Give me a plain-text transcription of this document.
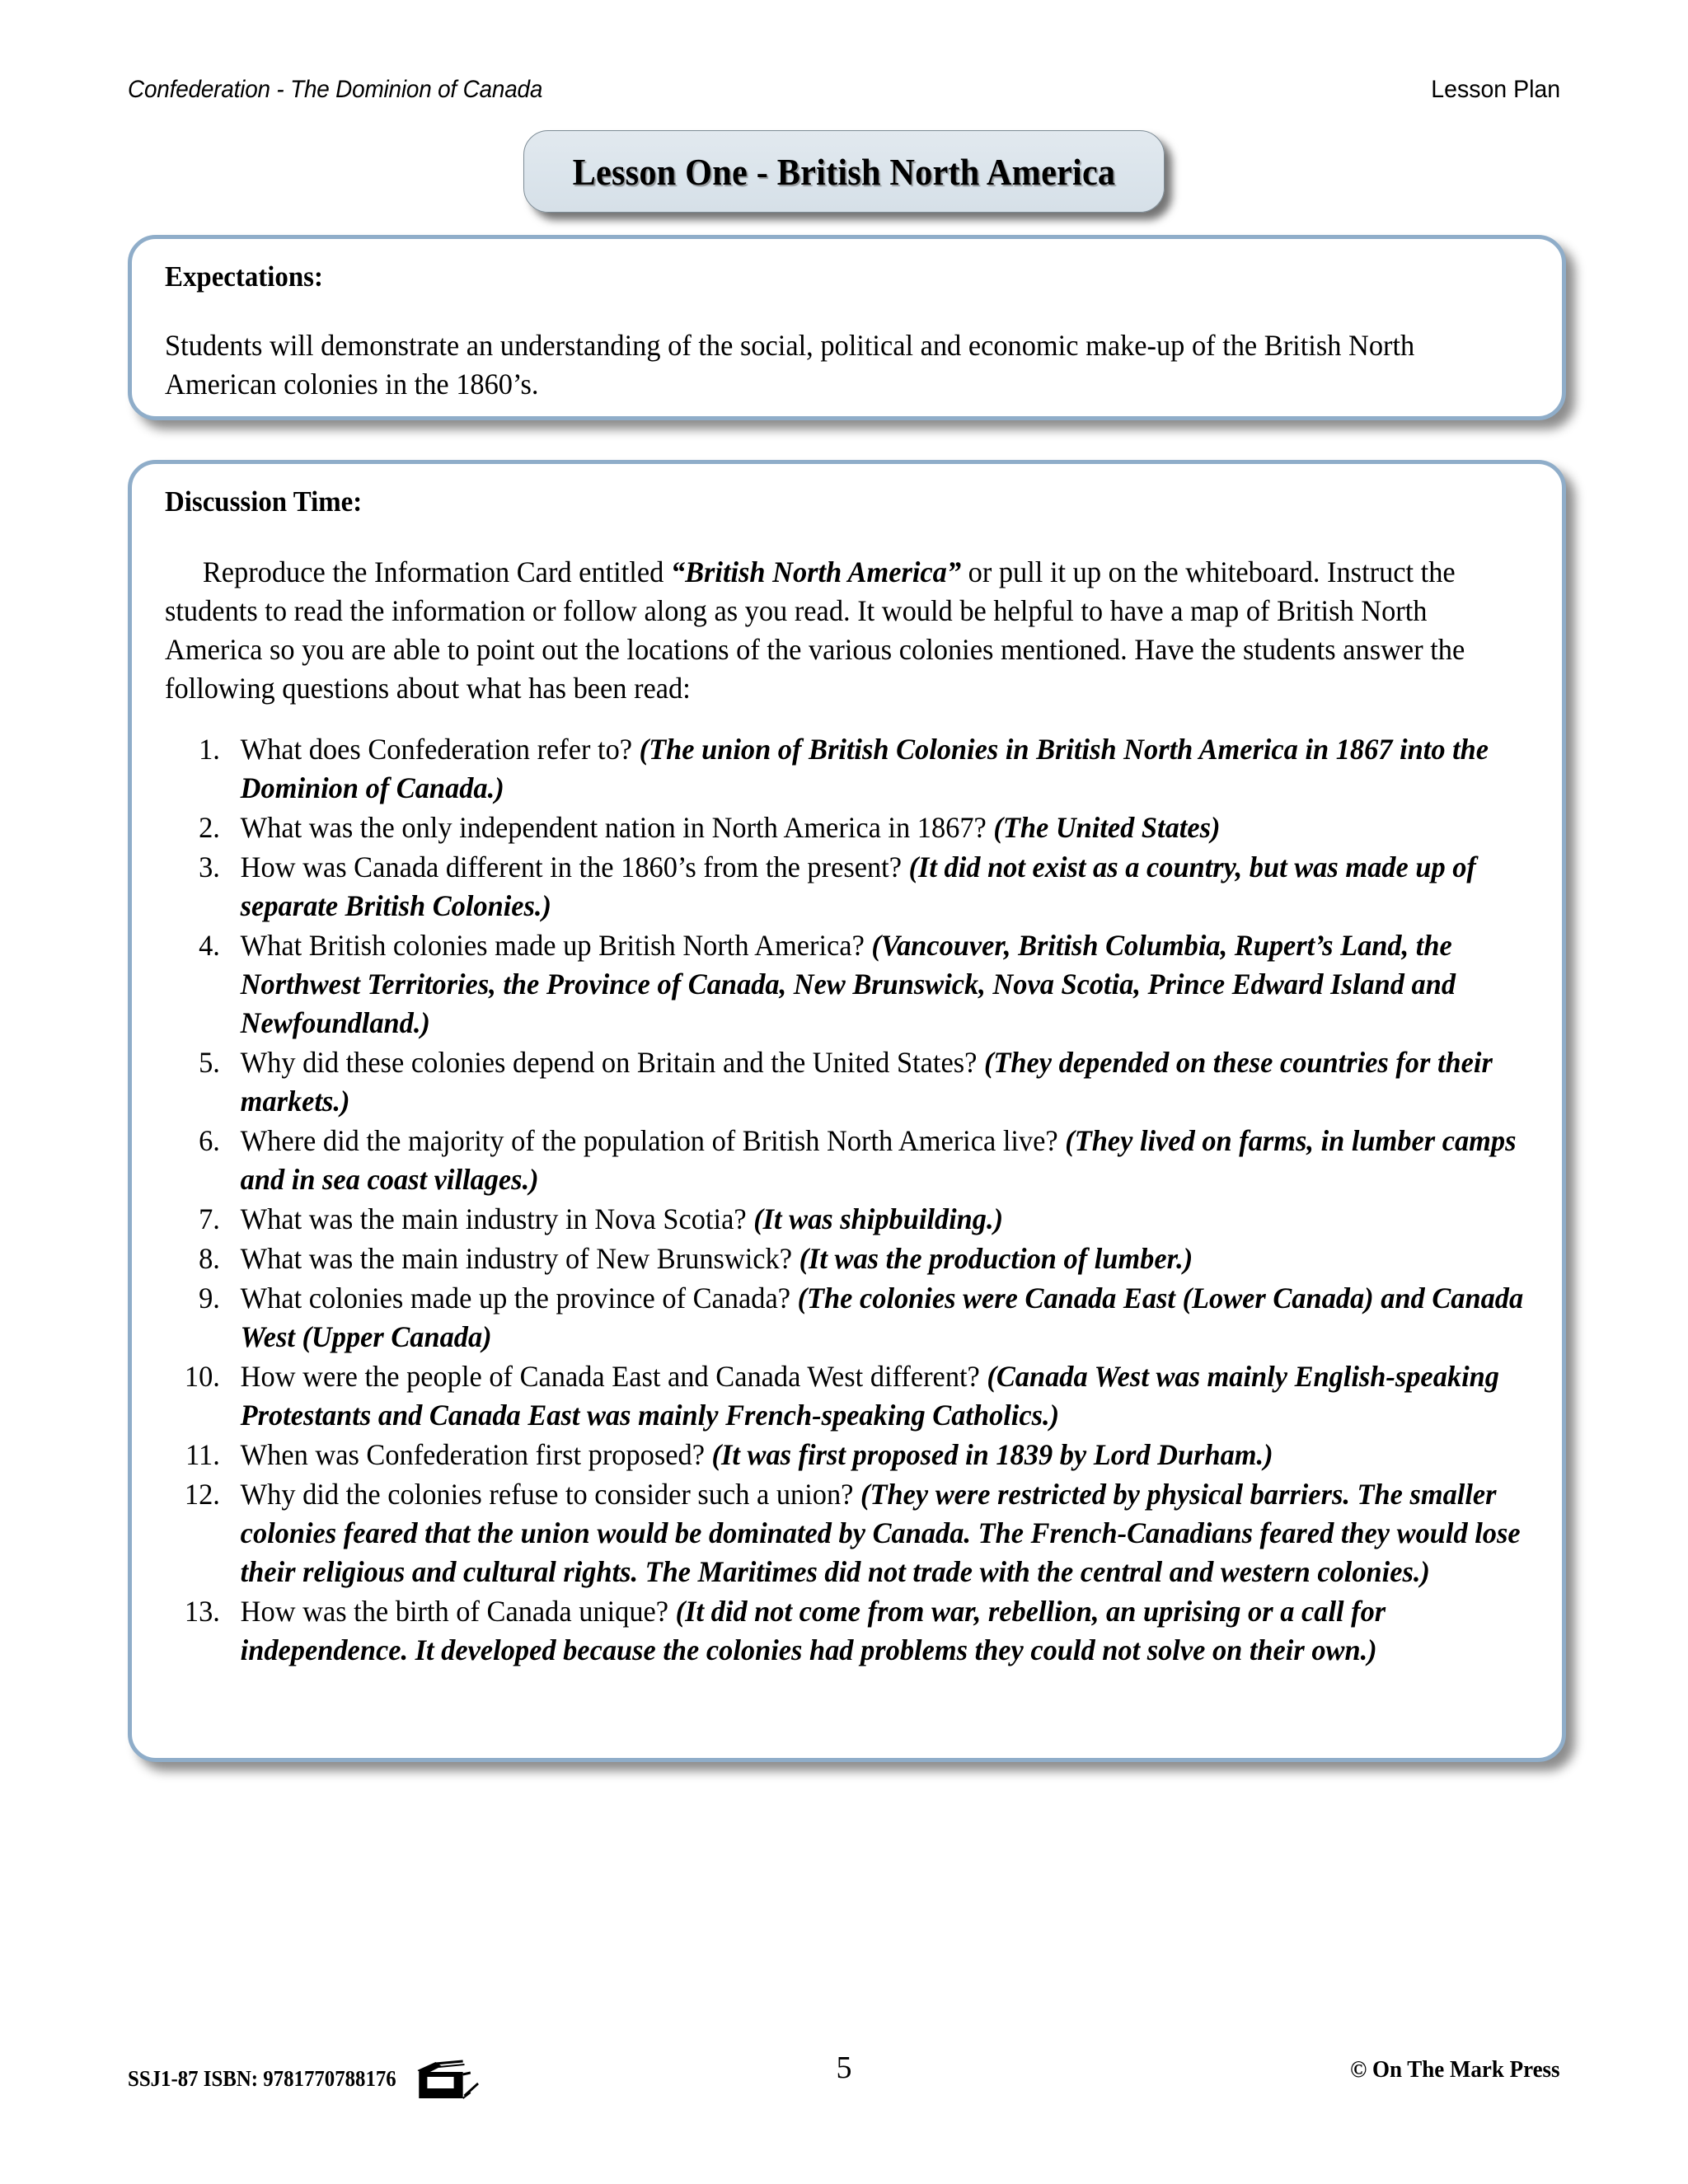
Confederation - The Dominion of Canada	Lesson Plan
Lesson One - British North America
Expectations:

Students will demonstrate an understanding of the social, political and economic make-up of the British North American colonies in the 1860’s.

Discussion Time:

Reproduce the Information Card entitled “British North America” or pull it up on the whiteboard. Instruct the students to read the information or follow along as you read. It would be helpful to have a map of British North America so you are able to point out the locations of the various colonies mentioned. Have the students answer the following questions about what has been read:

What does Confederation refer to? (The union of British Colonies in British North America in 1867 into the Dominion of Canada.)
What was the only independent nation in North America in 1867? (The United States)
How was Canada different in the 1860’s from the present? (It did not exist as a country, but was made up of separate British Colonies.)
What British colonies made up British North America? (Vancouver, British Columbia, Rupert’s Land, the Northwest Territories, the Province of Canada, New Brunswick, Nova Scotia, Prince Edward Island and Newfoundland.)
Why did these colonies depend on Britain and the United States? (They depended on these countries for their markets.)
Where did the majority of the population of British North America live? (They lived on farms, in lumber camps and in sea coast villages.)
What was the main industry in Nova Scotia? (It was shipbuilding.)
What was the main industry of New Brunswick? (It was the production of lumber.)
What colonies made up the province of Canada? (The colonies were Canada East (Lower Canada) and Canada West (Upper Canada)
How were the people of Canada East and Canada West different? (Canada West was mainly English-speaking Protestants and Canada East was mainly French-speaking Catholics.)
When was Confederation first proposed? (It was first proposed in 1839 by Lord Durham.)
Why did the colonies refuse to consider such a union? (They were restricted by physical barriers. The smaller colonies feared that the union would be dominated by Canada. The French-Canadians feared they would lose their religious and cultural rights. The Maritimes did not trade with the central and western colonies.)
How was the birth of Canada unique? (It did not come from war, rebellion, an uprising or a call for independence. It developed because the colonies had problems they could not solve on their own.)
SSJ1-87 ISBN: 9781770788176	5	© On The Mark Press
